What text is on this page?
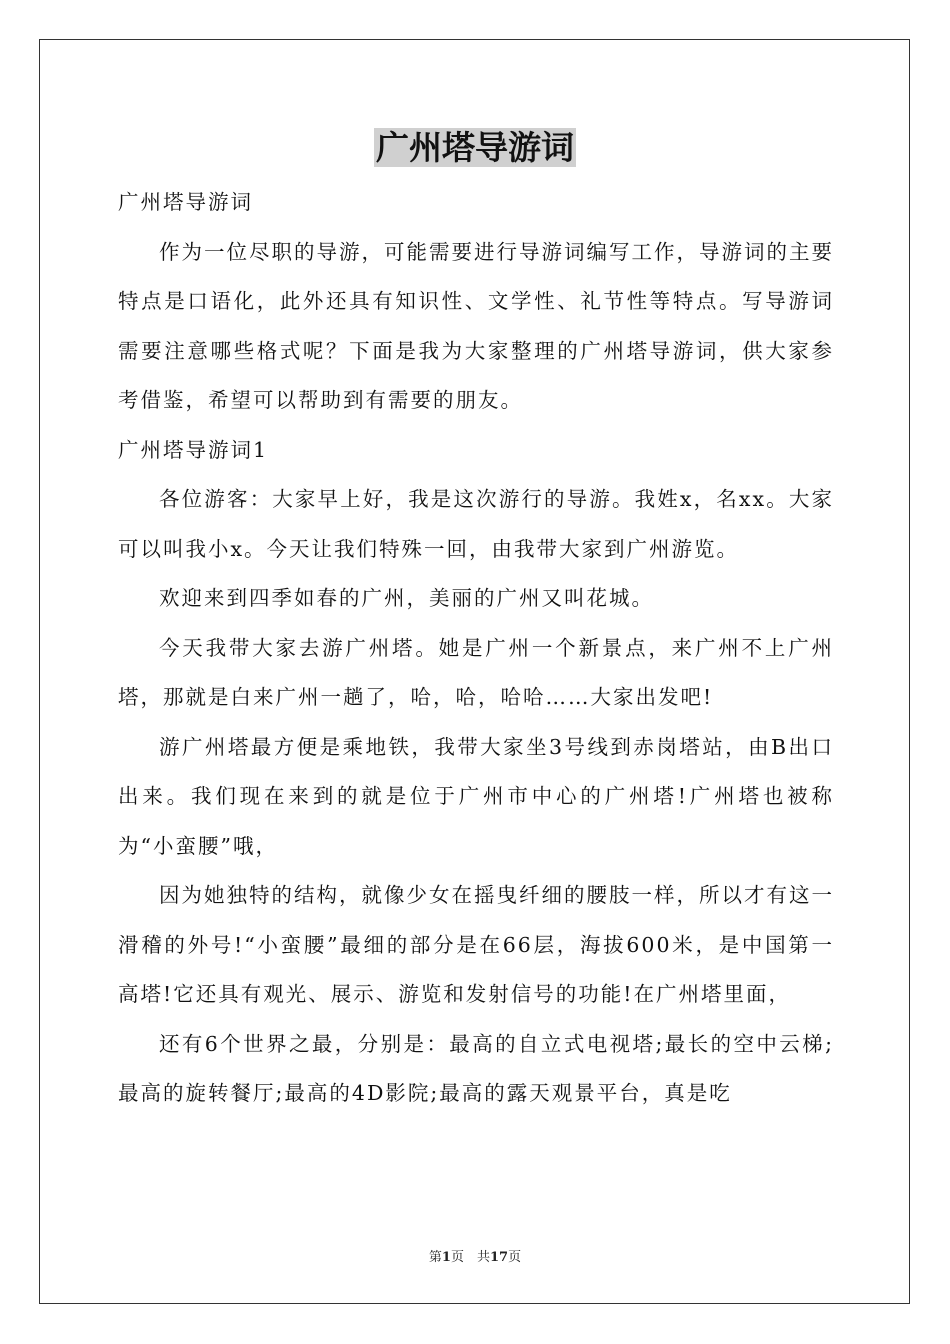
广州塔导游词

广州塔导游词

作为一位尽职的导游，可能需要进行导游词编写工作，导游词的主要特点是口语化，此外还具有知识性、文学性、礼节性等特点。写导游词需要注意哪些格式呢？下面是我为大家整理的广州塔导游词，供大家参考借鉴，希望可以帮助到有需要的朋友。

广州塔导游词1

各位游客：大家早上好，我是这次游行的导游。我姓x，名xx。大家可以叫我小x。今天让我们特殊一回，由我带大家到广州游览。

欢迎来到四季如春的广州，美丽的广州又叫花城。

今天我带大家去游广州塔。她是广州一个新景点，来广州不上广州塔，那就是白来广州一趟了，哈，哈，哈哈……大家出发吧!

游广州塔最方便是乘地铁，我带大家坐3号线到赤岗塔站，由B出口出来。我们现在来到的就是位于广州市中心的广州塔!广州塔也被称为“小蛮腰”哦，

因为她独特的结构，就像少女在摇曳纤细的腰肢一样，所以才有这一滑稽的外号!“小蛮腰”最细的部分是在66层，海拔600米，是中国第一高塔!它还具有观光、展示、游览和发射信号的功能!在广州塔里面，

还有6个世界之最，分别是：最高的自立式电视塔;最长的空中云梯;最高的旋转餐厅;最高的4D影院;最高的露天观景平台，真是吃

第1页　共17页
